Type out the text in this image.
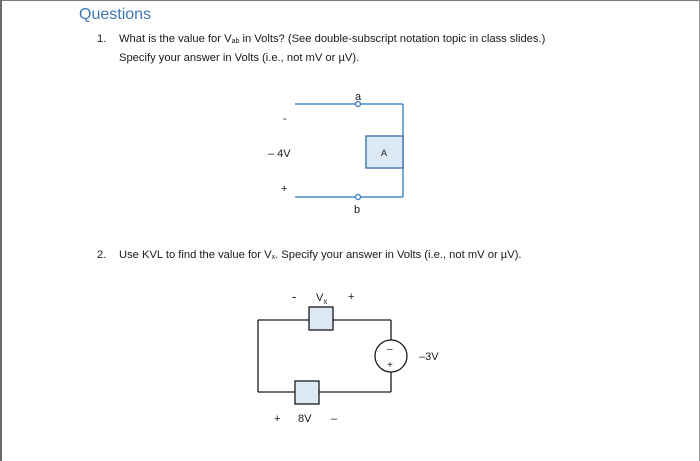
Questions
1. What is the value for $V_{ab}$ in Volts? (See double-subscript notation topic in class slides.)
Specify your answer in Volts (i.e., not mV or µV).
2. Use KVL to find the value for $V_x$. Specify your answer in Volts (i.e., not mV or µV).
-
– 4V
+
a
b
A
- $V_x$ +
–
+
–3V
+ 8V –
